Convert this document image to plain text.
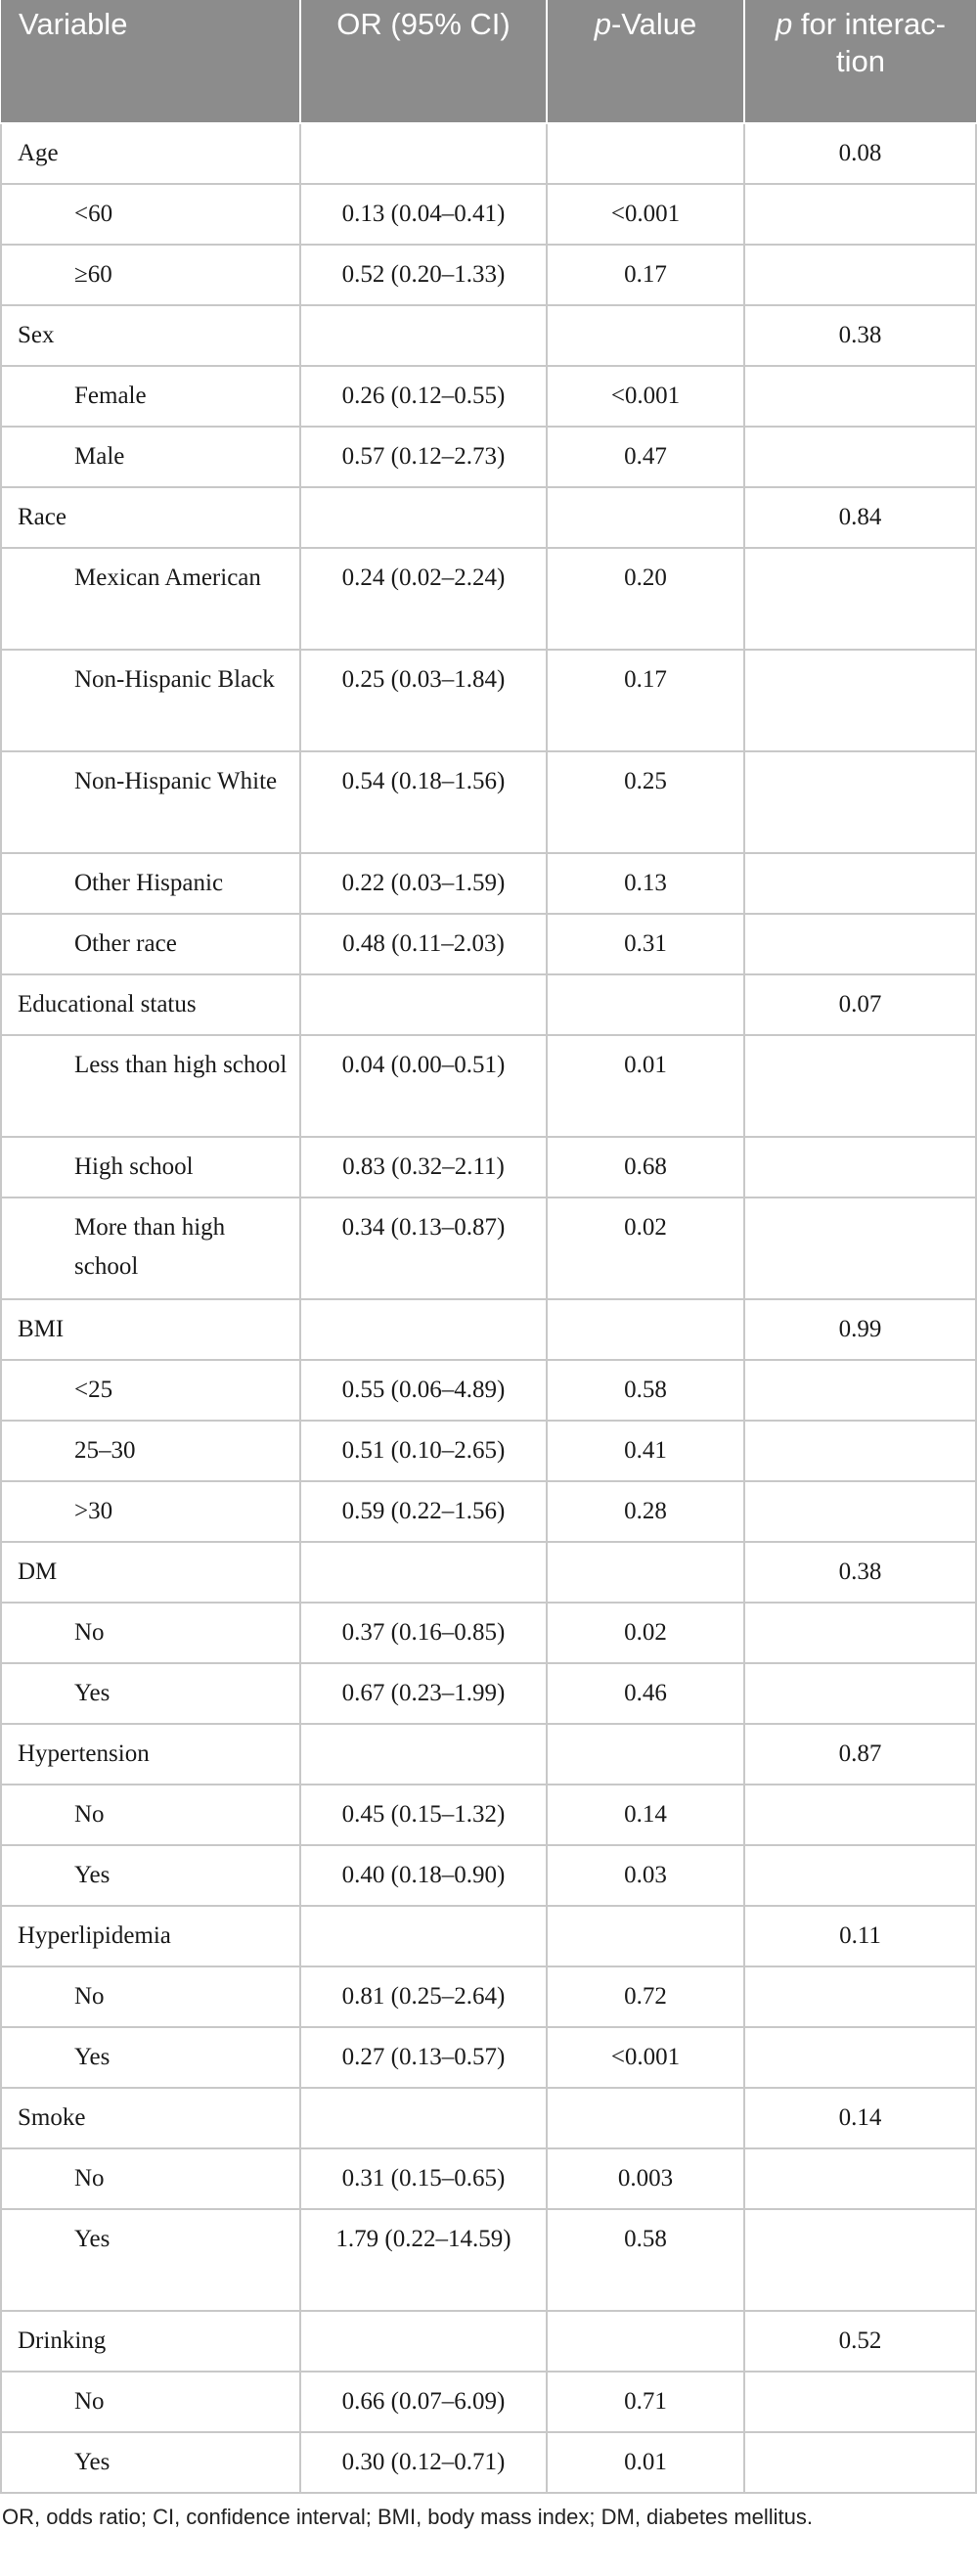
Variable	OR (95% CI)	p-Value	p for interac-tion
Age			0.08
<60	0.13 (0.04–0.41)	<0.001	
≥60	0.52 (0.20–1.33)	0.17	
Sex			0.38
Female	0.26 (0.12–0.55)	<0.001	
Male	0.57 (0.12–2.73)	0.47	
Race			0.84
Mexican American	0.24 (0.02–2.24)	0.20	
Non-Hispanic Black	0.25 (0.03–1.84)	0.17	
Non-Hispanic White	0.54 (0.18–1.56)	0.25	
Other Hispanic	0.22 (0.03–1.59)	0.13	
Other race	0.48 (0.11–2.03)	0.31	
Educational status			0.07
Less than high school	0.04 (0.00–0.51)	0.01	
High school	0.83 (0.32–2.11)	0.68	
More than high school	0.34 (0.13–0.87)	0.02	
BMI			0.99
<25	0.55 (0.06–4.89)	0.58	
25–30	0.51 (0.10–2.65)	0.41	
>30	0.59 (0.22–1.56)	0.28	
DM			0.38
No	0.37 (0.16–0.85)	0.02	
Yes	0.67 (0.23–1.99)	0.46	
Hypertension			0.87
No	0.45 (0.15–1.32)	0.14	
Yes	0.40 (0.18–0.90)	0.03	
Hyperlipidemia			0.11
No	0.81 (0.25–2.64)	0.72	
Yes	0.27 (0.13–0.57)	<0.001	
Smoke			0.14
No	0.31 (0.15–0.65)	0.003	
Yes	1.79 (0.22–14.59)	0.58	
Drinking			0.52
No	0.66 (0.07–6.09)	0.71	
Yes	0.30 (0.12–0.71)	0.01	
OR, odds ratio; CI, confidence interval; BMI, body mass index; DM, diabetes mellitus.
